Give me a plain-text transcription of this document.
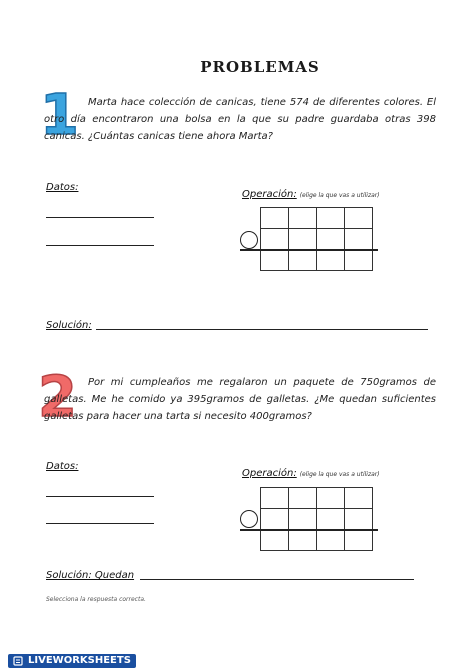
PROBLEMAS
1 Marta hace colección de canicas, tiene 574 de diferentes colores. El otro día encontraron una bolsa en la que su padre guardaba otras 398 canicas. ¿Cuántas canicas tiene ahora Marta?
Datos:
Operación: (elige la que vas a utilizar)
Solución:
2	Por mi cumpleaños me regalaron un paquete de 750gramos de galletas. Me he comido ya 395gramos de galletas. ¿Me quedan suficientes galletas para hacer una tarta si necesito 400gramos?
Datos:
Operación: (elige la que vas a utilizar)
Solución: Quedan
Selecciona la respuesta correcta.
LIVEWORKSHEETS
